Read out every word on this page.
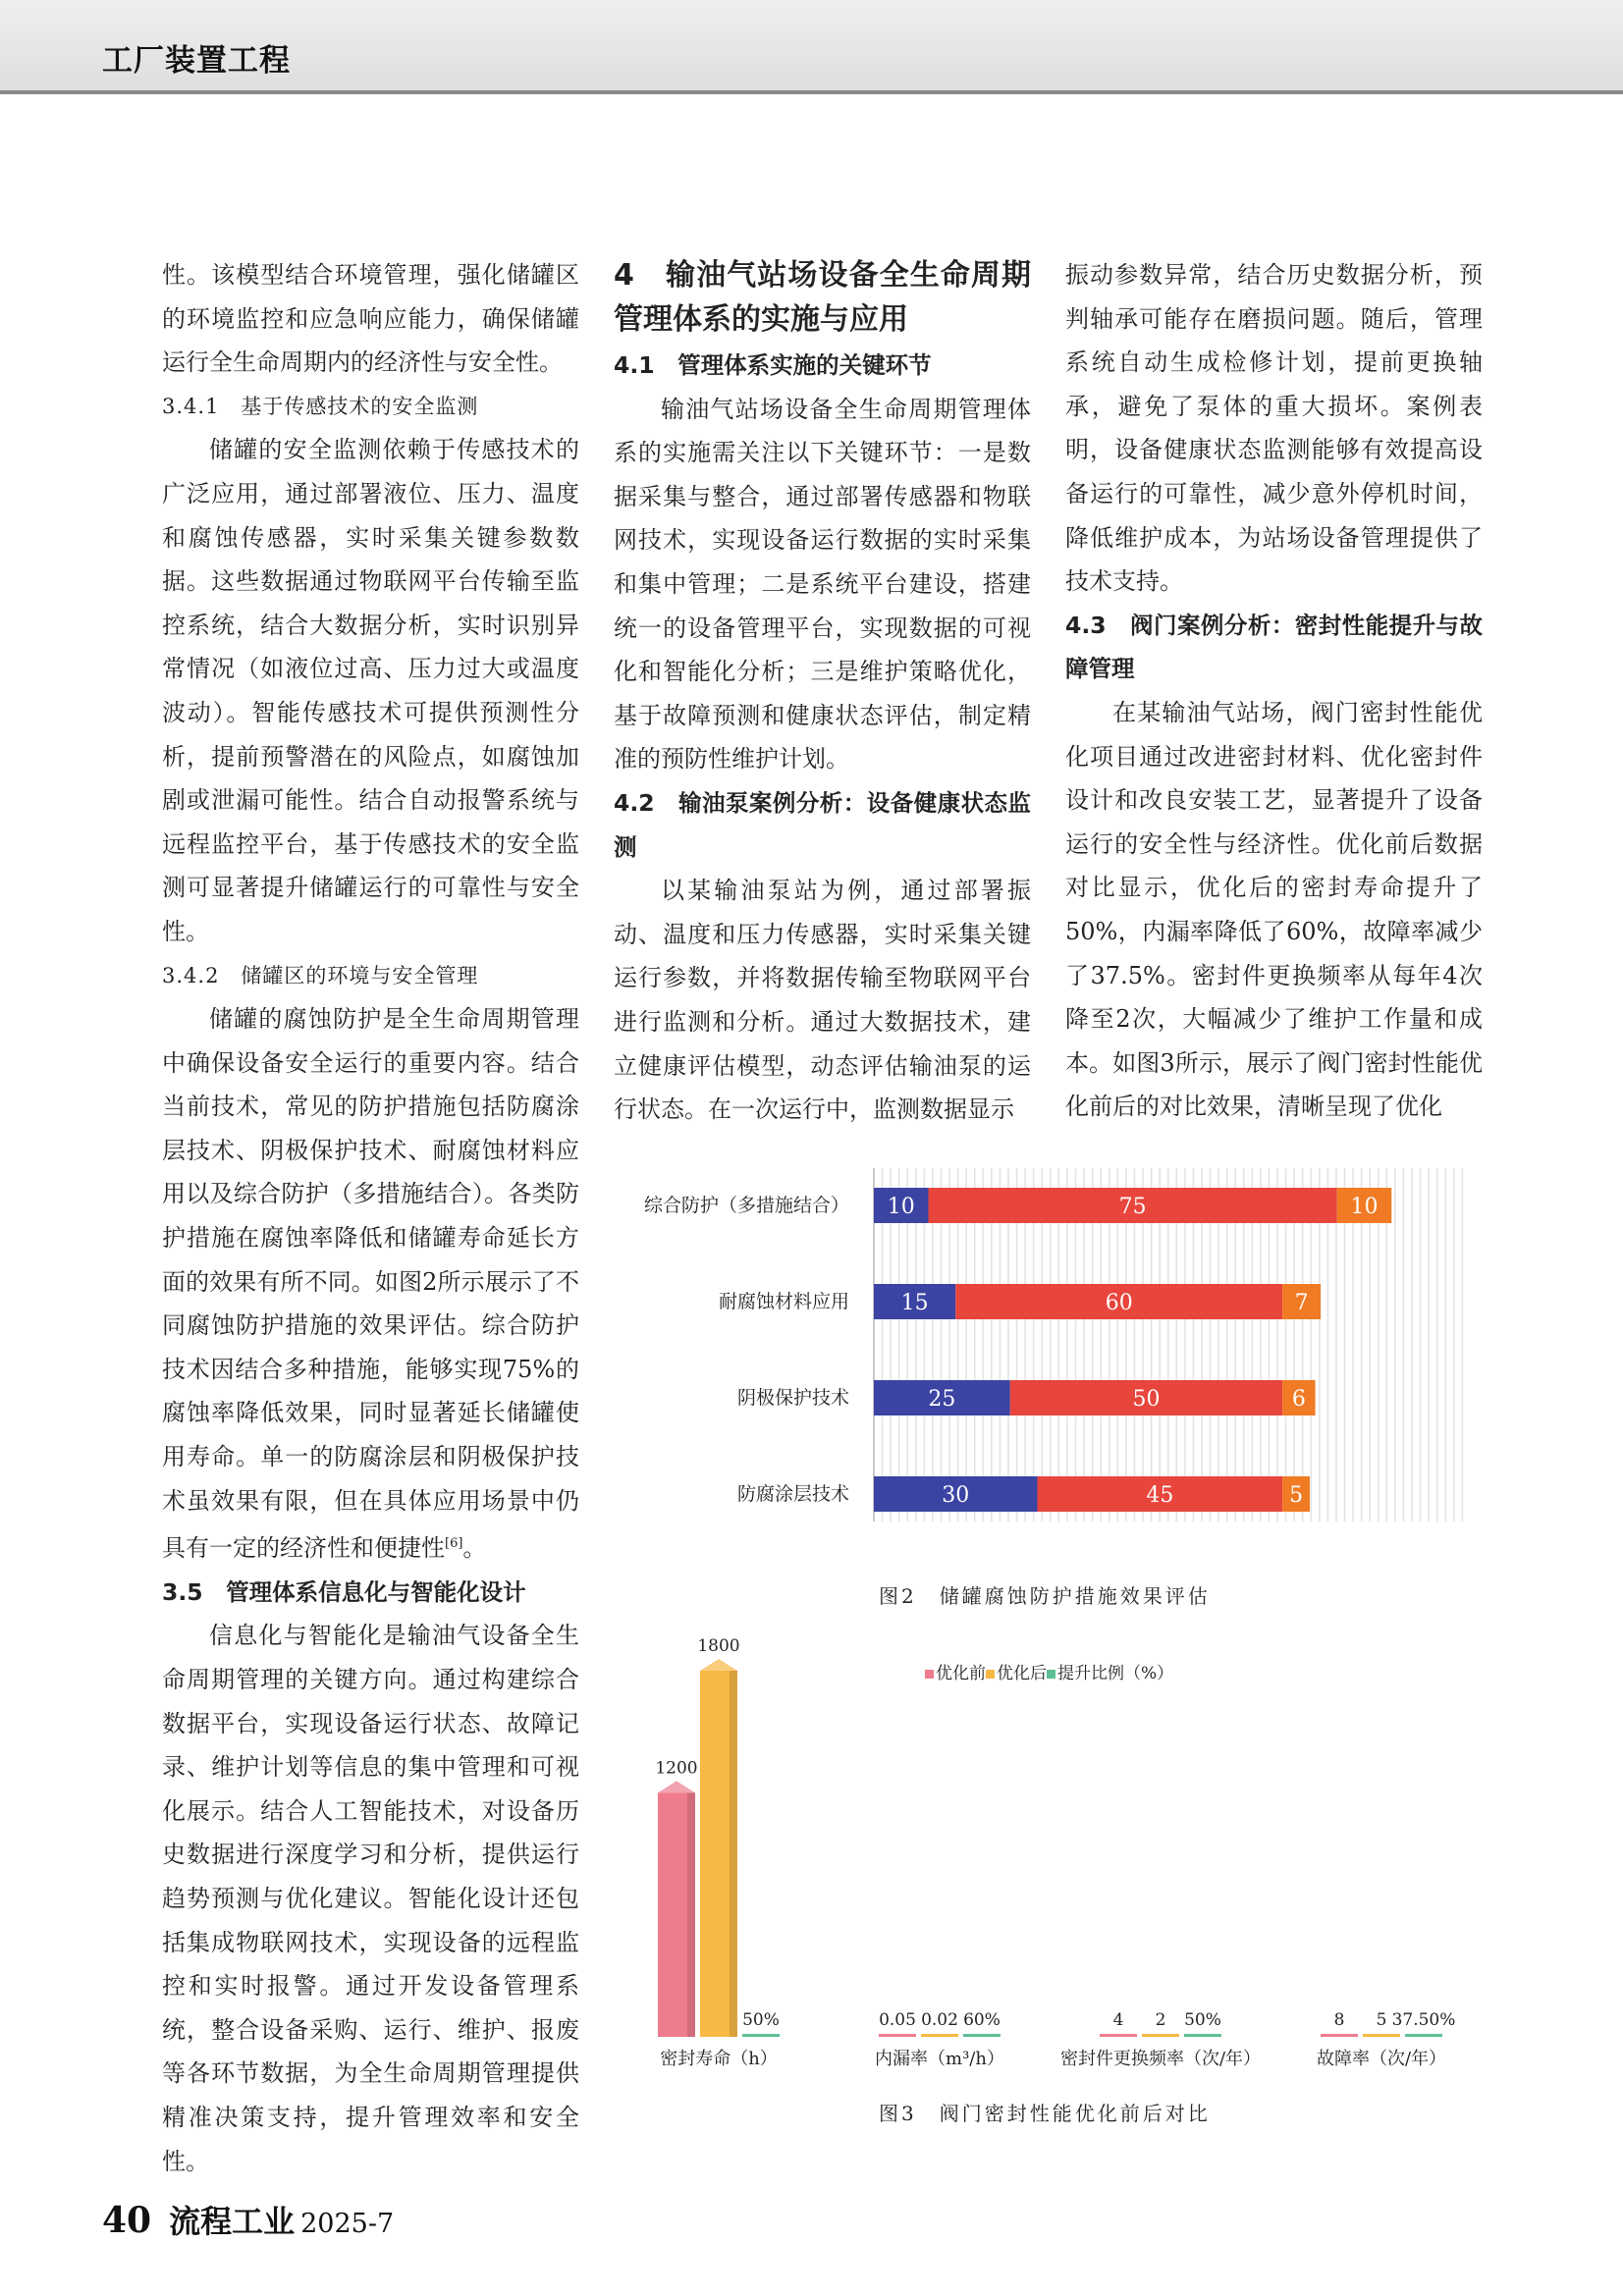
工厂装置工程

性。该模型结合环境管理，强化储罐区的环境监控和应急响应能力，确保储罐运行全生命周期内的经济性与安全性。

3.4.1　基于传感技术的安全监测

储罐的安全监测依赖于传感技术的广泛应用，通过部署液位、压力、温度和腐蚀传感器，实时采集关键参数数据。这些数据通过物联网平台传输至监控系统，结合大数据分析，实时识别异常情况（如液位过高、压力过大或温度波动）。智能传感技术可提供预测性分析，提前预警潜在的风险点，如腐蚀加剧或泄漏可能性。结合自动报警系统与远程监控平台，基于传感技术的安全监测可显著提升储罐运行的可靠性与安全性。

3.4.2　储罐区的环境与安全管理

储罐的腐蚀防护是全生命周期管理中确保设备安全运行的重要内容。结合当前技术，常见的防护措施包括防腐涂层技术、阴极保护技术、耐腐蚀材料应用以及综合防护（多措施结合）。各类防护措施在腐蚀率降低和储罐寿命延长方面的效果有所不同。如图2所示展示了不同腐蚀防护措施的效果评估。综合防护技术因结合多种措施，能够实现75%的腐蚀率降低效果，同时显著延长储罐使用寿命。单一的防腐涂层和阴极保护技术虽效果有限，但在具体应用场景中仍具有一定的经济性和便捷性[6]。

3.5　管理体系信息化与智能化设计

信息化与智能化是输油气设备全生命周期管理的关键方向。通过构建综合数据平台，实现设备运行状态、故障记录、维护计划等信息的集中管理和可视化展示。结合人工智能技术，对设备历史数据进行深度学习和分析，提供运行趋势预测与优化建议。智能化设计还包括集成物联网技术，实现设备的远程监控和实时报警。通过开发设备管理系统，整合设备采购、运行、维护、报废等各环节数据，为全生命周期管理提供精准决策支持，提升管理效率和安全性。

4　输油气站场设备全生命周期管理体系的实施与应用
4.1　管理体系实施的关键环节

输油气站场设备全生命周期管理体系的实施需关注以下关键环节：一是数据采集与整合，通过部署传感器和物联网技术，实现设备运行数据的实时采集和集中管理；二是系统平台建设，搭建统一的设备管理平台，实现数据的可视化和智能化分析；三是维护策略优化，基于故障预测和健康状态评估，制定精准的预防性维护计划。

4.2　输油泵案例分析：设备健康状态监测

以某输油泵站为例，通过部署振动、温度和压力传感器，实时采集关键运行参数，并将数据传输至物联网平台进行监测和分析。通过大数据技术，建立健康评估模型，动态评估输油泵的运行状态。在一次运行中，监测数据显示

振动参数异常，结合历史数据分析，预判轴承可能存在磨损问题。随后，管理系统自动生成检修计划，提前更换轴承，避免了泵体的重大损坏。案例表明，设备健康状态监测能够有效提高设备运行的可靠性，减少意外停机时间，降低维护成本，为站场设备管理提供了技术支持。

4.3　阀门案例分析：密封性能提升与故障管理

在某输油气站场，阀门密封性能优化项目通过改进密封材料、优化密封件设计和改良安装工艺，显著提升了设备运行的安全性与经济性。优化前后数据对比显示，优化后的密封寿命提升了50%，内漏率降低了60%，故障率减少了37.5%。密封件更换频率从每年4次降至2次，大幅减少了维护工作量和成本。如图3所示，展示了阀门密封性能优化前后的对比效果，清晰呈现了优化

综合防护（多措施结合） 10	75	10
耐腐蚀材料应用 15	60	7
阴极保护技术	25	50	6
防腐涂层技术	30	45	5
图2　储罐腐蚀防护措施效果评估
优化前 优化后 提升比例（%）
1200
1800
50%
密封寿命（h）
0.05 0.02 60%
内漏率（m³/h）
4 2 50%
密封件更换频率（次/年）
8 5 37.50%
故障率（次/年）
图3　阀门密封性能优化前后对比
40 流程工业 2025-7
